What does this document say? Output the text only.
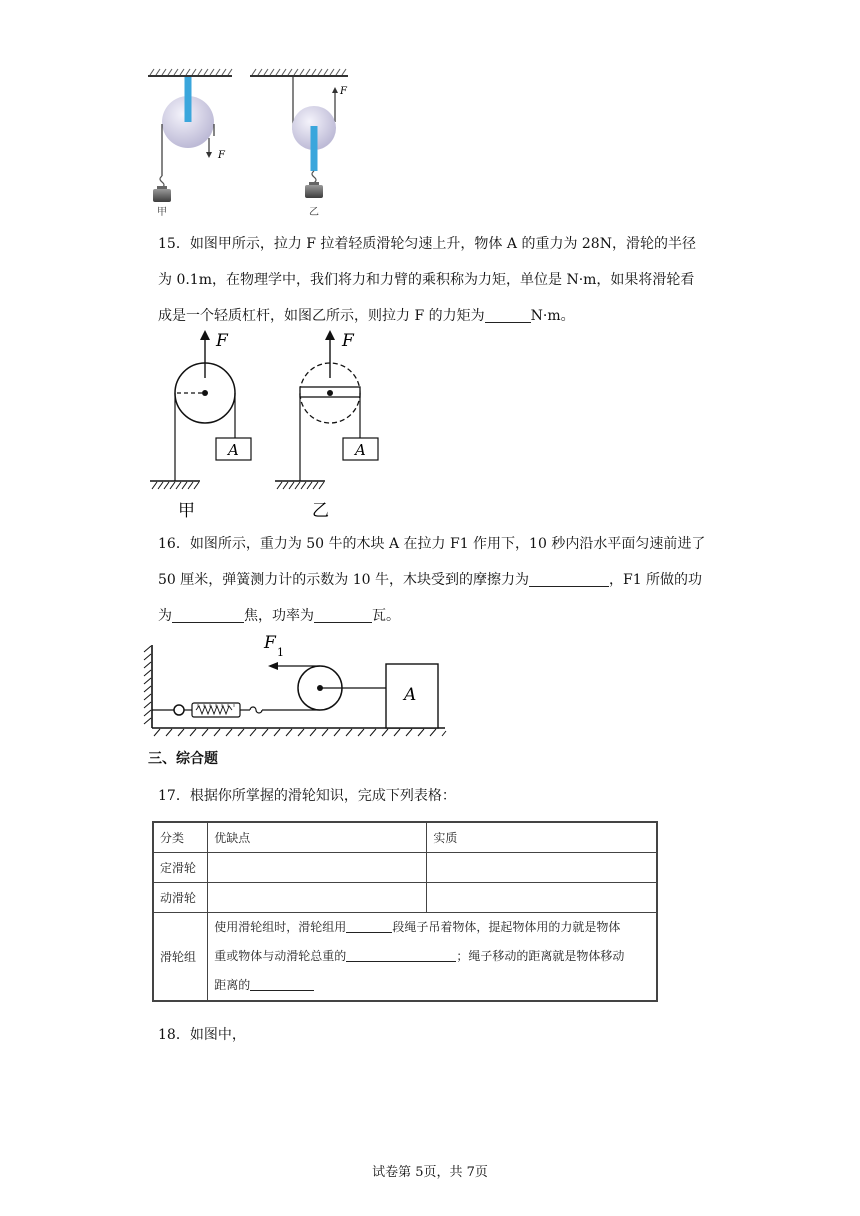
F
甲
F
乙
15．如图甲所示，拉力 F 拉着轻质滑轮匀速上升，物体 A 的重力为 28N，滑轮的半径
为 0.1m，在物理学中，我们将力和力臂的乘积称为力矩，单位是 N·m，如果将滑轮看
成是一个轻质杠杆，如图乙所示，则拉力 F 的力矩为	N·m。
F
A
甲
F
A
乙
16．如图所示，重力为 50 牛的木块 A 在拉力 F1 作用下，10 秒内沿水平面匀速前进了
50 厘米，弹簧测力计的示数为 10 牛，木块受到的摩擦力为	，F1 所做的功
为	焦，功率为	瓦。
F 1
A
三、综合题
17．根据你所掌握的滑轮知识，完成下列表格：
分类	优缺点	实质
定滑轮		
动滑轮		
滑轮组	使用滑轮组时，滑轮组用 段绳子吊着物体，提起物体用的力就是物体
重或物体与动滑轮总重的 ；绳子移动的距离就是物体移动
距离的	
18．如图中，
试卷第 5页，共 7页
